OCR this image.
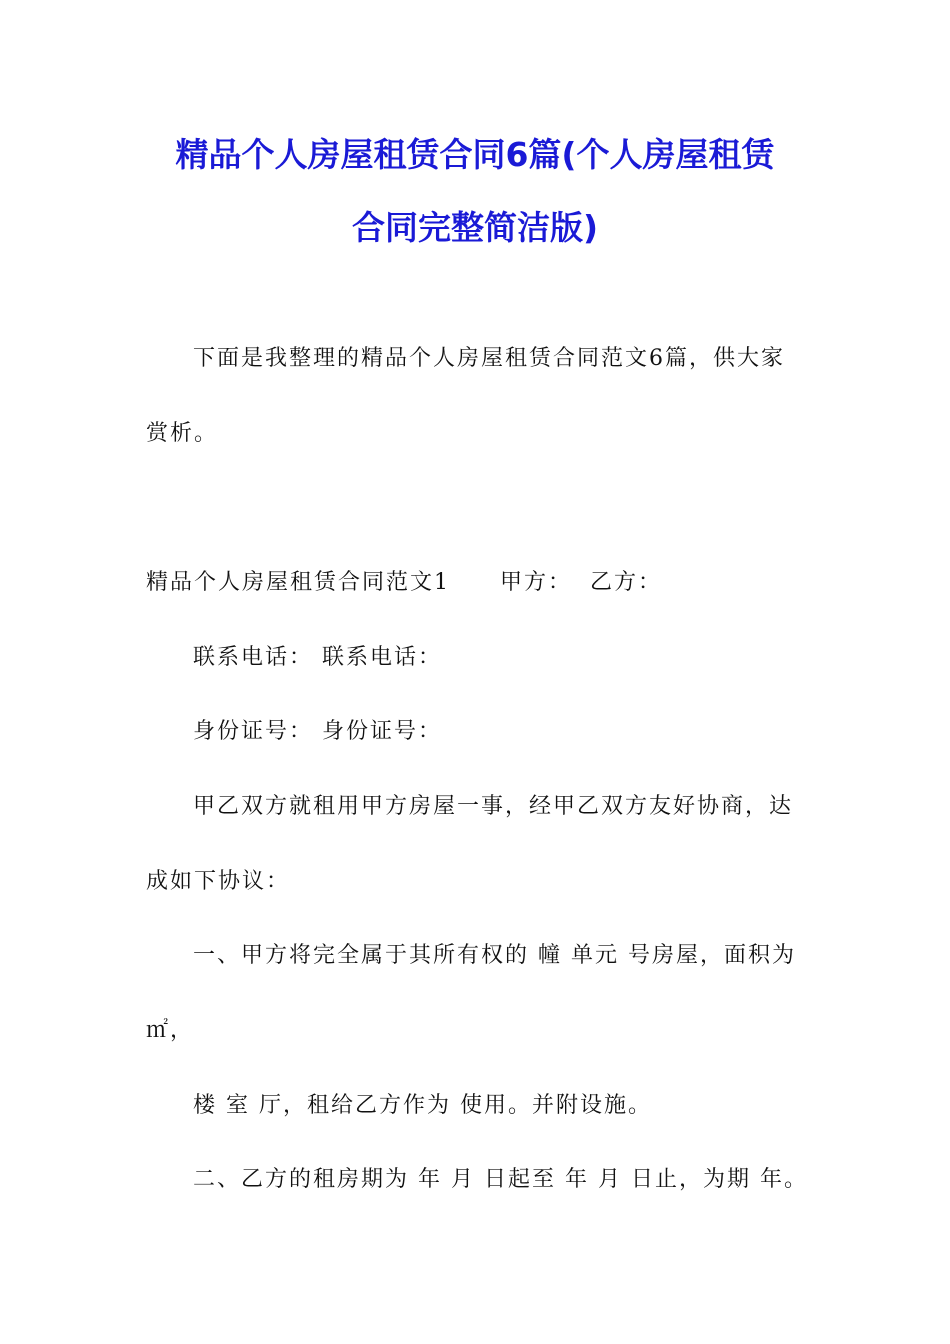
精品个人房屋租赁合同6篇(个人房屋租赁
合同完整简洁版)
下面是我整理的精品个人房屋租赁合同范文6篇，供大家
赏析。
精品个人房屋租赁合同范文1 甲方： 乙方：
联系电话： 联系电话：
身份证号： 身份证号：
甲乙双方就租用甲方房屋一事，经甲乙双方友好协商，达
成如下协议：
一、甲方将完全属于其所有权的 幢 单元 号房屋，面积为
㎡，
楼 室 厅，租给乙方作为 使用。并附设施。
二、乙方的租房期为 年 月 日起至 年 月 日止，为期 年。
